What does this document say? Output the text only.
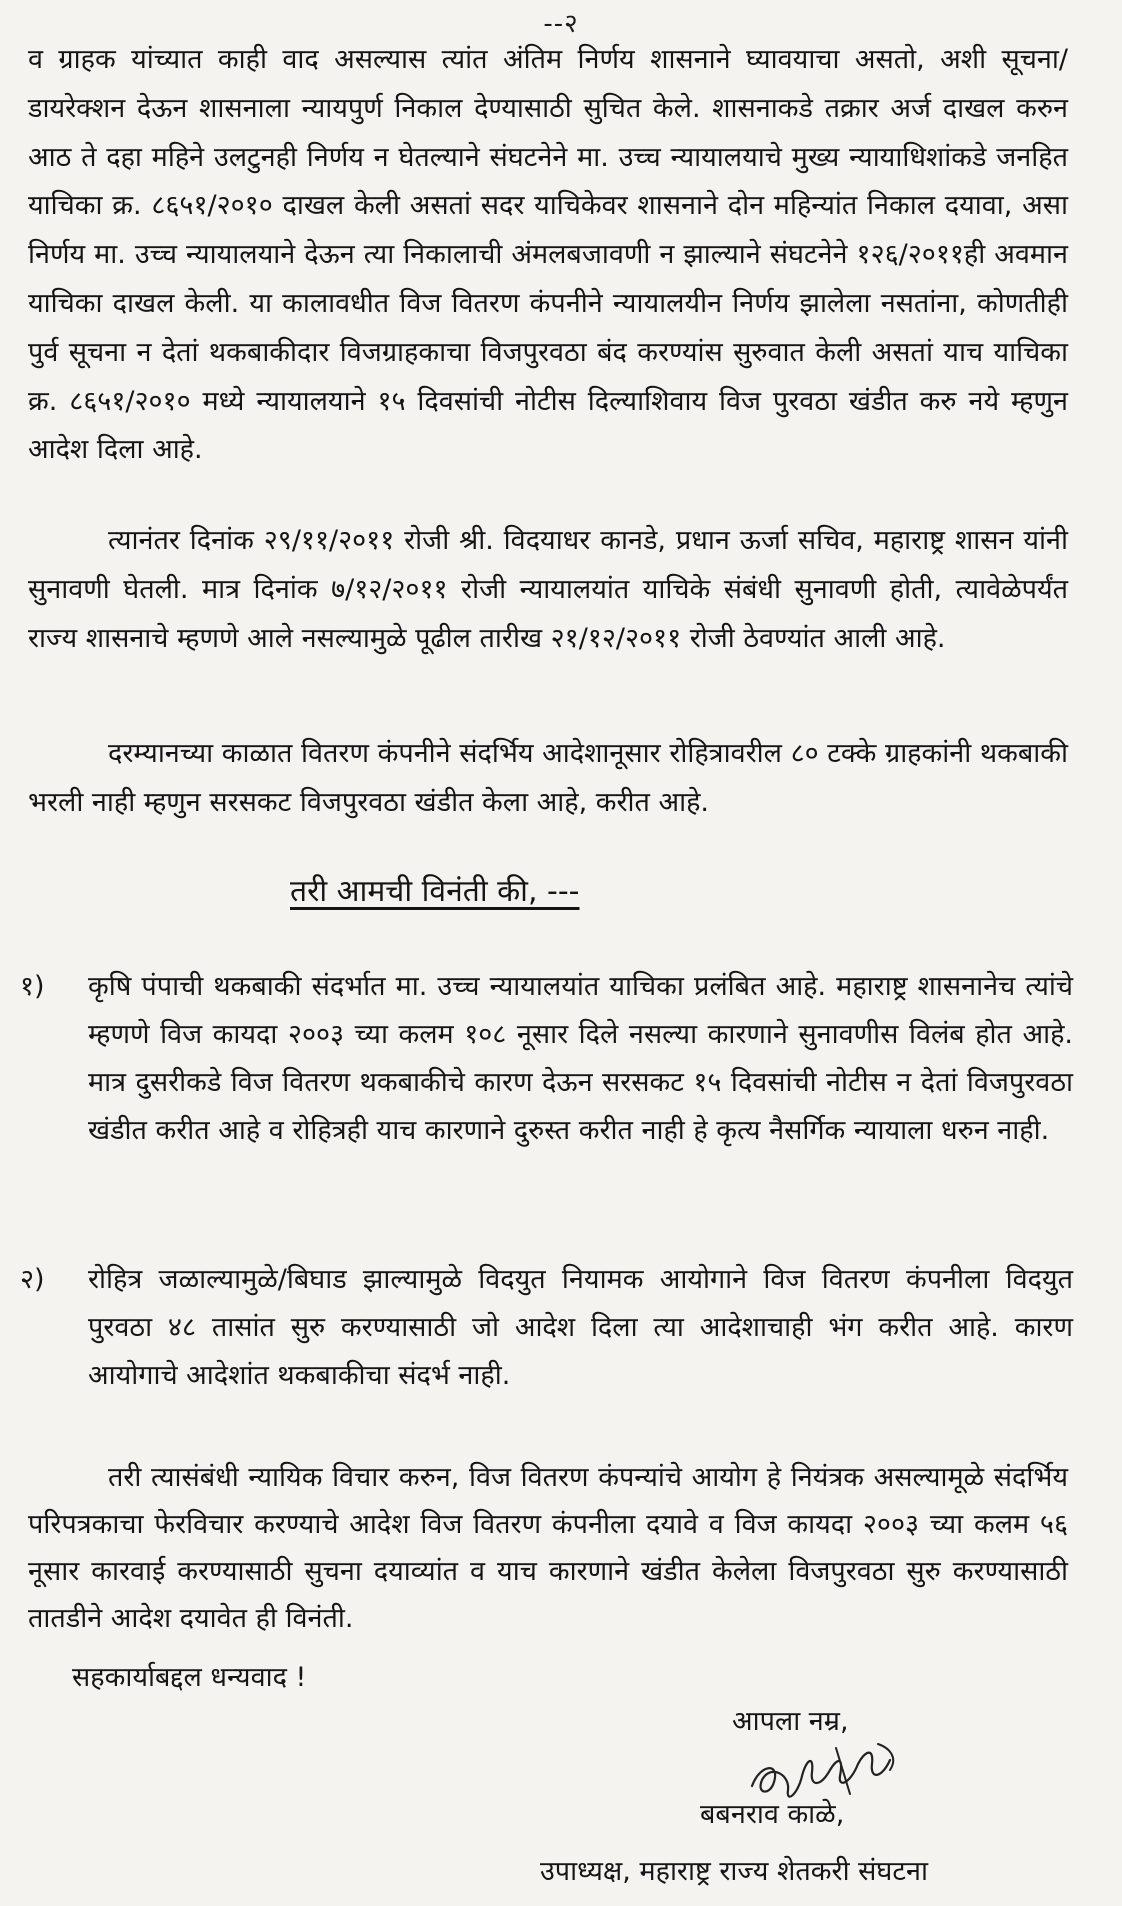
--२
व ग्राहक यांच्यात काही वाद असल्यास त्यांत अंतिम निर्णय शासनाने घ्यावयाचा असतो, अशी सूचना/डायरेक्शन देऊन शासनाला न्यायपुर्ण निकाल देण्यासाठी सुचित केले. शासनाकडे तक्रार अर्ज दाखल करुन आठ ते दहा महिने उलटुनही निर्णय न घेतल्याने संघटनेने मा. उच्च न्यायालयाचे मुख्य न्यायाधिशांकडे जनहित याचिका क्र. ८६५१/२०१० दाखल केली असतां सदर याचिकेवर शासनाने दोन महिन्यांत निकाल दयावा, असा निर्णय मा. उच्च न्यायालयाने देऊन त्या निकालाची अंमलबजावणी न झाल्याने संघटनेने १२६/२०११ही अवमान याचिका दाखल केली. या कालावधीत विज वितरण कंपनीने न्यायालयीन निर्णय झालेला नसतांना, कोणतीही पुर्व सूचना न देतां थकबाकीदार विजग्राहकाचा विजपुरवठा बंद करण्यांस सुरुवात केली असतां याच याचिका क्र. ८६५१/२०१० मध्ये न्यायालयाने १५ दिवसांची नोटीस दिल्याशिवाय विज पुरवठा खंडीत करु नये म्हणुन आदेश दिला आहे.
त्यानंतर दिनांक २९/११/२०११ रोजी श्री. विदयाधर कानडे, प्रधान ऊर्जा सचिव, महाराष्ट्र शासन यांनी सुनावणी घेतली. मात्र दिनांक ७/१२/२०११ रोजी न्यायालयांत याचिके संबंधी सुनावणी होती, त्यावेळेपर्यंत राज्य शासनाचे म्हणणे आले नसल्यामुळे पूढील तारीख २१/१२/२०११ रोजी ठेवण्यांत आली आहे.
दरम्यानच्या काळात वितरण कंपनीने संदर्भिय आदेशानूसार रोहित्रावरील ८० टक्के ग्राहकांनी थकबाकी भरली नाही म्हणुन सरसकट विजपुरवठा खंडीत केला आहे, करीत आहे.
तरी आमची विनंती की, ---
१)	कृषि पंपाची थकबाकी संदर्भात मा. उच्च न्यायालयांत याचिका प्रलंबित आहे. महाराष्ट्र शासनानेच त्यांचे म्हणणे विज कायदा २००३ च्या कलम १०८ नूसार दिले नसल्या कारणाने सुनावणीस विलंब होत आहे. मात्र दुसरीकडे विज वितरण थकबाकीचे कारण देऊन सरसकट १५ दिवसांची नोटीस न देतां विजपुरवठा खंडीत करीत आहे व रोहित्रही याच कारणाने दुरुस्त करीत नाही हे कृत्य नैसर्गिक न्यायाला धरुन नाही.
२)	रोहित्र जळाल्यामुळे/बिघाड झाल्यामुळे विदयुत नियामक आयोगाने विज वितरण कंपनीला विदयुत पुरवठा ४८ तासांत सुरु करण्यासाठी जो आदेश दिला त्या आदेशाचाही भंग करीत आहे. कारण आयोगाचे आदेशांत थकबाकीचा संदर्भ नाही.
तरी त्यासंबंधी न्यायिक विचार करुन, विज वितरण कंपन्यांचे आयोग हे नियंत्रक असल्यामूळे संदर्भिय परिपत्रकाचा फेरविचार करण्याचे आदेश विज वितरण कंपनीला दयावे व विज कायदा २००३ च्या कलम ५६ नूसार कारवाई करण्यासाठी सुचना दयाव्यांत व याच कारणाने खंडीत केलेला विजपुरवठा सुरु करण्यासाठी तातडीने आदेश दयावेत ही विनंती.
सहकार्याबद्दल धन्यवाद !
आपला नम्र,
बबनराव काळे,
उपाध्यक्ष, महाराष्ट्र राज्य शेतकरी संघटना
